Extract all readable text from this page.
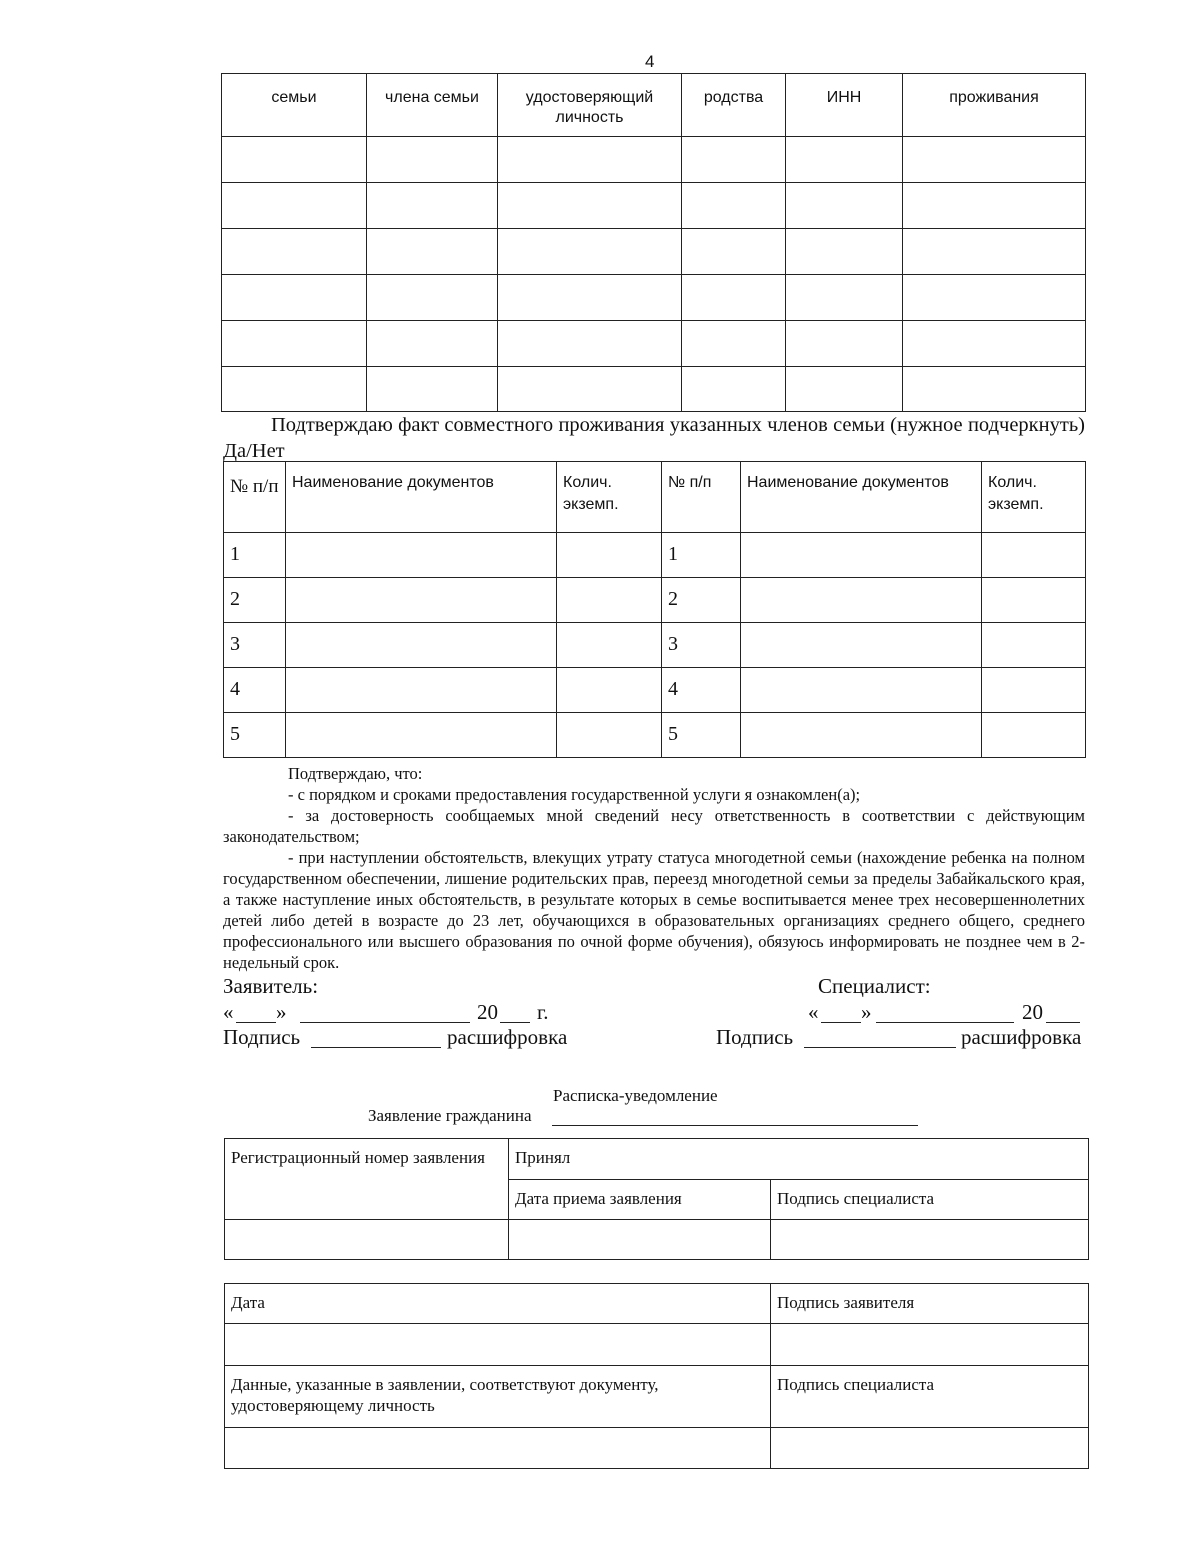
4
семьи	члена семьи	удостоверяющий личность	родства	ИНН	проживания

Подтверждаю факт совместного проживания указанных членов семьи (нужное подчеркнуть) Да/Нет
№ п/п	Наименование документов	Колич. экземп.	№ п/п	Наименование документов	Колич. экземп.
1			1		
2			2		
3			3		
4			4		
5			5		
Подтверждаю, что:
- с порядком и сроками предоставления государственной услуги я ознакомлен(а);
- за достоверность сообщаемых мной сведений несу ответственность в соответствии с действующим законодательством;
- при наступлении обстоятельств, влекущих утрату статуса многодетной семьи (нахождение ребенка на полном государственном обеспечении, лишение родительских прав, переезд многодетной семьи за пределы Забайкальского края, а также наступление иных обстоятельств, в результате которых в семье воспитывается менее трех несовершеннолетних детей либо детей в возрасте до 23 лет, обучающихся в образовательных организациях среднего общего, среднего профессионального или высшего образования по очной форме обучения), обязуюсь информировать не позднее чем в 2-недельный срок.
Заявитель:
« »	20 г.
Подпись	расшифровка
Специалист:
« »	20
Подпись	расшифровка
Расписка-уведомление
Заявление гражданина
Регистрационный номер заявления	Принял	
	Дата приема заявления	Подпись специалиста

Дата	Подпись заявителя

Данные, указанные в заявлении, соответствуют документу, удостоверяющему личность	Подпись специалиста
